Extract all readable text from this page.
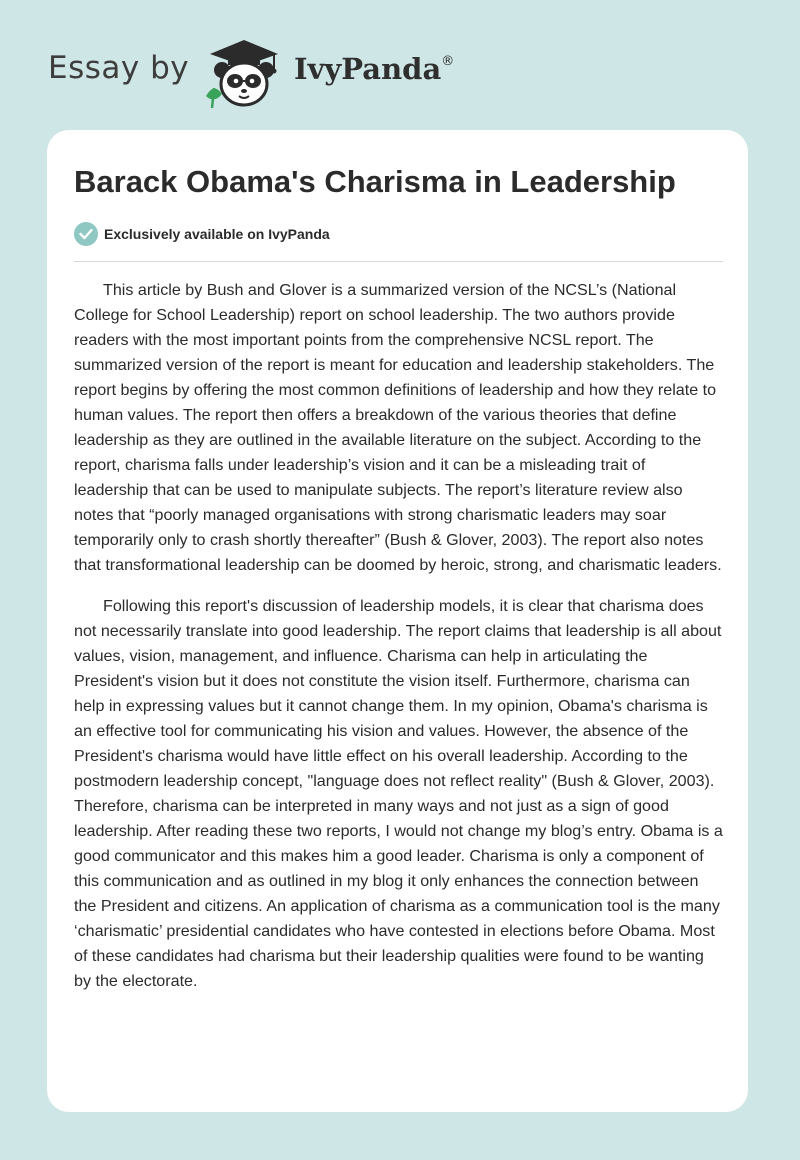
Essay by	IvyPanda®
Barack Obama's Charisma in Leadership
Exclusively available on IvyPanda

This article by Bush and Glover is a summarized version of the NCSL’s (National College for School Leadership) report on school leadership. The two authors provide readers with the most important points from the comprehensive NCSL report. The summarized version of the report is meant for education and leadership stakeholders. The report begins by offering the most common definitions of leadership and how they relate to human values. The report then offers a breakdown of the various theories that define leadership as they are outlined in the available literature on the subject. According to the report, charisma falls under leadership’s vision and it can be a misleading trait of leadership that can be used to manipulate subjects. The report’s literature review also notes that “poorly managed organisations with strong charismatic leaders may soar temporarily only to crash shortly thereafter” (Bush & Glover, 2003). The report also notes that transformational leadership can be doomed by heroic, strong, and charismatic leaders.

Following this report's discussion of leadership models, it is clear that charisma does not necessarily translate into good leadership. The report claims that leadership is all about values, vision, management, and influence. Charisma can help in articulating the President's vision but it does not constitute the vision itself. Furthermore, charisma can help in expressing values but it cannot change them. In my opinion, Obama's charisma is an effective tool for communicating his vision and values. However, the absence of the President's charisma would have little effect on his overall leadership. According to the postmodern leadership concept, "language does not reflect reality" (Bush & Glover, 2003). Therefore, charisma can be interpreted in many ways and not just as a sign of good leadership. After reading these two reports, I would not change my blog’s entry. Obama is a good communicator and this makes him a good leader. Charisma is only a component of this communication and as outlined in my blog it only enhances the connection between the President and citizens. An application of charisma as a communication tool is the many ‘charismatic’ presidential candidates who have contested in elections before Obama. Most of these candidates had charisma but their leadership qualities were found to be wanting by the electorate.
